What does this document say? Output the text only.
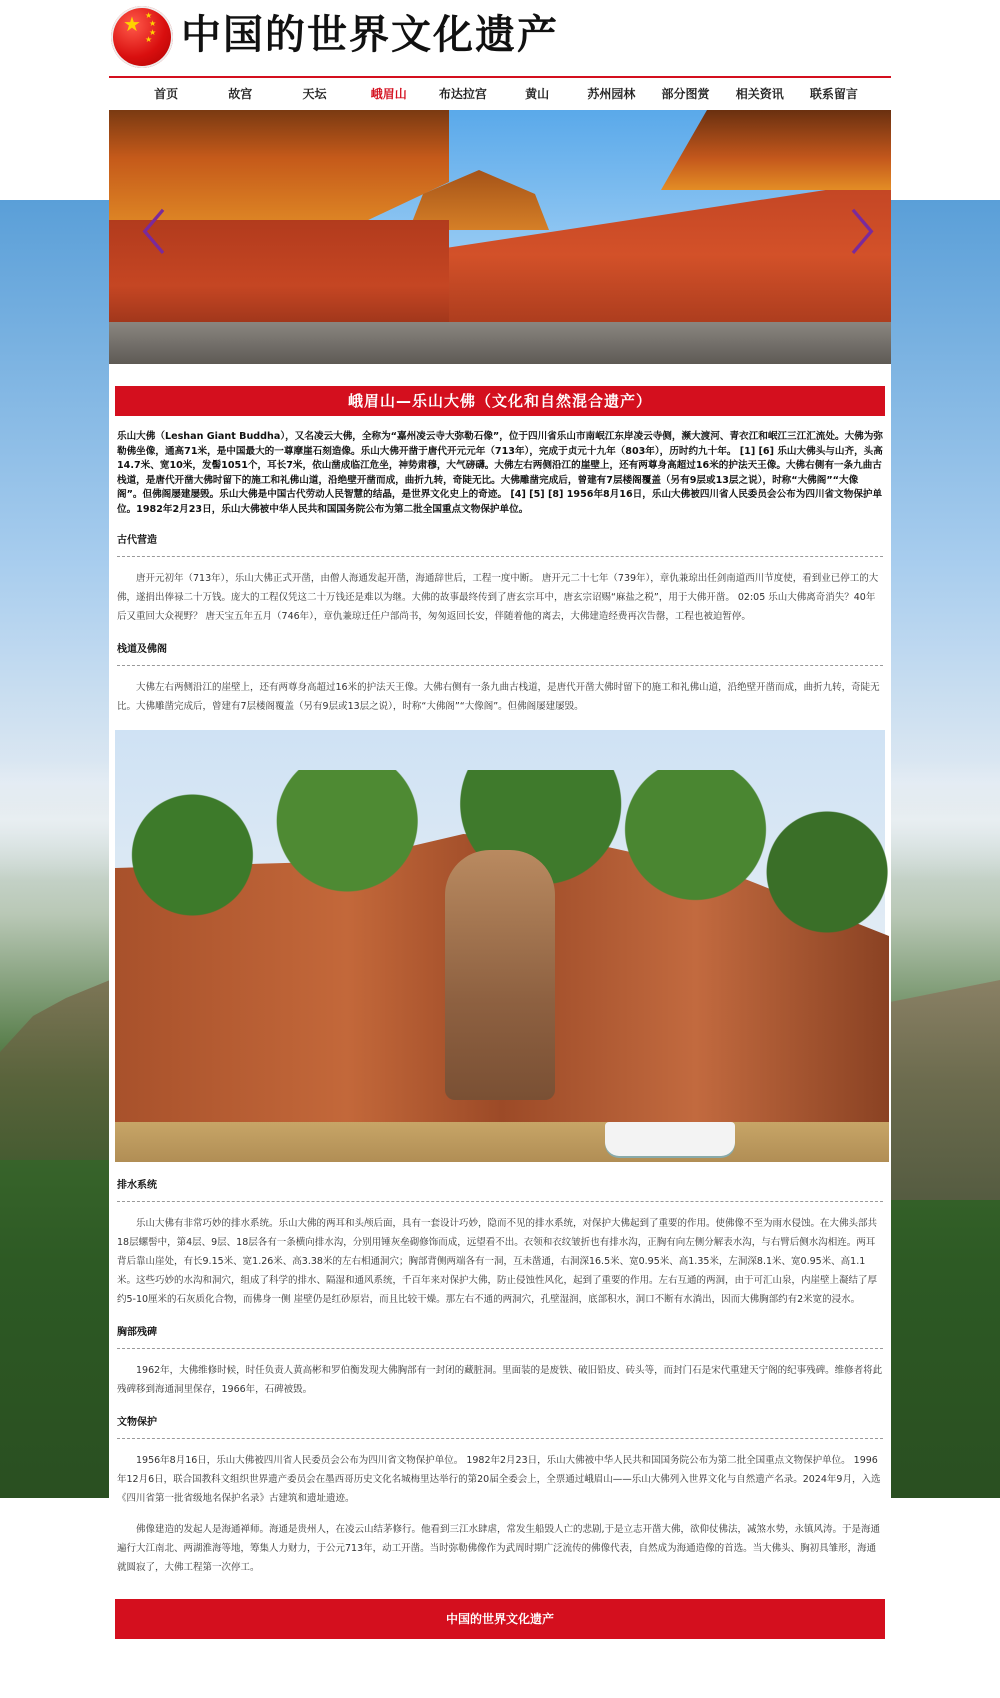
★ ★
★
★
★ 中国的世界文化遗产
首页	故宫	天坛	峨眉山	布达拉宫	黄山	苏州园林	部分图赏	相关资讯	联系留言
〈	〉
峨眉山—乐山大佛（文化和自然混合遗产）
乐山大佛（Leshan Giant Buddha），又名凌云大佛，全称为“嘉州凌云寺大弥勒石像”，位于四川省乐山市南岷江东岸凌云寺侧，濒大渡河、青衣江和岷江三江汇流处。大佛为弥勒佛坐像，通高71米，是中国最大的一尊摩崖石刻造像。乐山大佛开凿于唐代开元元年（713年），完成于贞元十九年（803年），历时约九十年。 [1] [6] 乐山大佛头与山齐，头高14.7米、宽10米，发髻1051个，耳长7米，依山凿成临江危坐，神势肃穆，大气磅礴。大佛左右两侧沿江的崖壁上，还有两尊身高超过16米的护法天王像。大佛右侧有一条九曲古栈道，是唐代开凿大佛时留下的施工和礼佛山道，沿绝壁开凿而成，曲折九转，奇陡无比。大佛雕凿完成后，曾建有7层楼阁覆盖（另有9层或13层之说），时称“大佛阁”“大像阁”。但佛阁屡建屡毁。乐山大佛是中国古代劳动人民智慧的结晶，是世界文化史上的奇迹。 [4] [5] [8] 1956年8月16日，乐山大佛被四川省人民委员会公布为四川省文物保护单位。1982年2月23日，乐山大佛被中华人民共和国国务院公布为第二批全国重点文物保护单位。
古代营造

唐开元初年（713年），乐山大佛正式开凿，由僧人海通发起开凿，海通辞世后，工程一度中断。 唐开元二十七年（739年），章仇兼琼出任剑南道西川节度使，看到业已停工的大佛，遂捐出俸禄二十万钱。庞大的工程仅凭这二十万钱还是难以为继。大佛的故事最终传到了唐玄宗耳中，唐玄宗诏赐“麻盐之税”，用于大佛开凿。 02:05 乐山大佛离奇消失？40年后又重回大众视野？ 唐天宝五年五月（746年），章仇兼琼迁任户部尚书，匆匆返回长安，伴随着他的离去，大佛建造经费再次告罄，工程也被迫暂停。

栈道及佛阁

大佛左右两侧沿江的崖壁上，还有两尊身高超过16米的护法天王像。大佛右侧有一条九曲古栈道，是唐代开凿大佛时留下的施工和礼佛山道，沿绝壁开凿而成，曲折九转，奇陡无比。大佛雕凿完成后，曾建有7层楼阁覆盖（另有9层或13层之说），时称“大佛阁”“大像阁”。但佛阁屡建屡毁。

排水系统

乐山大佛有非常巧妙的排水系统。乐山大佛的两耳和头颅后面，具有一套设计巧妙，隐而不见的排水系统，对保护大佛起到了重要的作用。使佛像不至为雨水侵蚀。在大佛头部共18层螺髻中，第4层、9层、18层各有一条横向排水沟，分别用锤灰垒砌修饰而成，远望看不出。衣领和衣纹皱折也有排水沟，正胸有向左侧分解表水沟，与右臂后侧水沟相连。两耳背后靠山崖处，有长9.15米、宽1.26米、高3.38米的左右相通洞穴；胸部背侧两端各有一洞，互未凿通，右洞深16.5米、宽0.95米、高1.35米，左洞深8.1米、宽0.95米、高1.1米。这些巧妙的水沟和洞穴，组成了科学的排水、隔湿和通风系统，千百年来对保护大佛，防止侵蚀性风化，起到了重要的作用。左右互通的两洞，由于可汇山泉，内崖壁上凝结了厚约5-10厘米的石灰质化合物，而佛身一侧 崖壁仍是红砂原岩，而且比较干燥。那左右不通的两洞穴，孔壁湿润，底部积水，洞口不断有水淌出，因而大佛胸部约有2米宽的浸水。

胸部残碑

1962年，大佛维修时候，时任负责人黄高彬和罗伯衡发现大佛胸部有一封闭的藏脏洞。里面装的是废铁、破旧铅皮、砖头等，而封门石是宋代重建天宁阁的纪事残碑。维修者将此残碑移到海通洞里保存，1966年，石碑被毁。

文物保护

1956年8月16日，乐山大佛被四川省人民委员会公布为四川省文物保护单位。 1982年2月23日，乐山大佛被中华人民共和国国务院公布为第二批全国重点文物保护单位。 1996年12月6日，联合国教科文组织世界遗产委员会在墨西哥历史文化名城梅里达举行的第20届全委会上，全票通过峨眉山——乐山大佛列入世界文化与自然遗产名录。2024年9月，入选《四川省第一批省级地名保护名录》古建筑和遗址遗迹。

佛像建造的发起人是海通禅师。海通是贵州人，在凌云山结茅修行。他看到三江水肆虐，常发生船毁人亡的悲剧,于是立志开凿大佛，欲仰仗佛法，减煞水势，永镇风涛。于是海通遍行大江南北、两湖淮海等地，筹集人力财力，于公元713年，动工开凿。当时弥勒佛像作为武周时期广泛流传的佛像代表，自然成为海通造像的首选。当大佛头、胸初具雏形，海通就圆寂了，大佛工程第一次停工。

中国的世界文化遗产
